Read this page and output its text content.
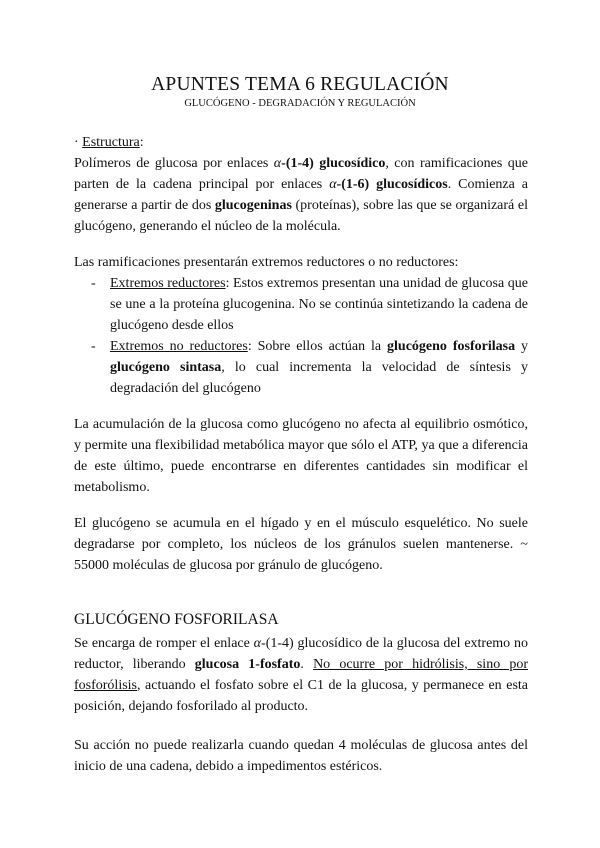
APUNTES TEMA 6 REGULACIÓN
GLUCÓGENO - DEGRADACIÓN Y REGULACIÓN
· Estructura:
Polímeros de glucosa por enlaces α-(1-4) glucosídico, con ramificaciones que parten de la cadena principal por enlaces α-(1-6) glucosídicos. Comienza a generarse a partir de dos glucogeninas (proteínas), sobre las que se organizará el glucógeno, generando el núcleo de la molécula.
Las ramificaciones presentarán extremos reductores o no reductores:
- Extremos reductores: Estos extremos presentan una unidad de glucosa que se une a la proteína glucogenina. No se continúa sintetizando la cadena de glucógeno desde ellos
- Extremos no reductores: Sobre ellos actúan la glucógeno fosforilasa y glucógeno sintasa, lo cual incrementa la velocidad de síntesis y degradación del glucógeno
La acumulación de la glucosa como glucógeno no afecta al equilibrio osmótico, y permite una flexibilidad metabólica mayor que sólo el ATP, ya que a diferencia de este último, puede encontrarse en diferentes cantidades sin modificar el metabolismo.
El glucógeno se acumula en el hígado y en el músculo esquelético. No suele degradarse por completo, los núcleos de los gránulos suelen mantenerse. ~ 55000 moléculas de glucosa por gránulo de glucógeno.
GLUCÓGENO FOSFORILASA
Se encarga de romper el enlace α-(1-4) glucosídico de la glucosa del extremo no reductor, liberando glucosa 1-fosfato. No ocurre por hidrólisis, sino por fosforólisis, actuando el fosfato sobre el C1 de la glucosa, y permanece en esta posición, dejando fosforilado al producto.
Su acción no puede realizarla cuando quedan 4 moléculas de glucosa antes del inicio de una cadena, debido a impedimentos estéricos.
